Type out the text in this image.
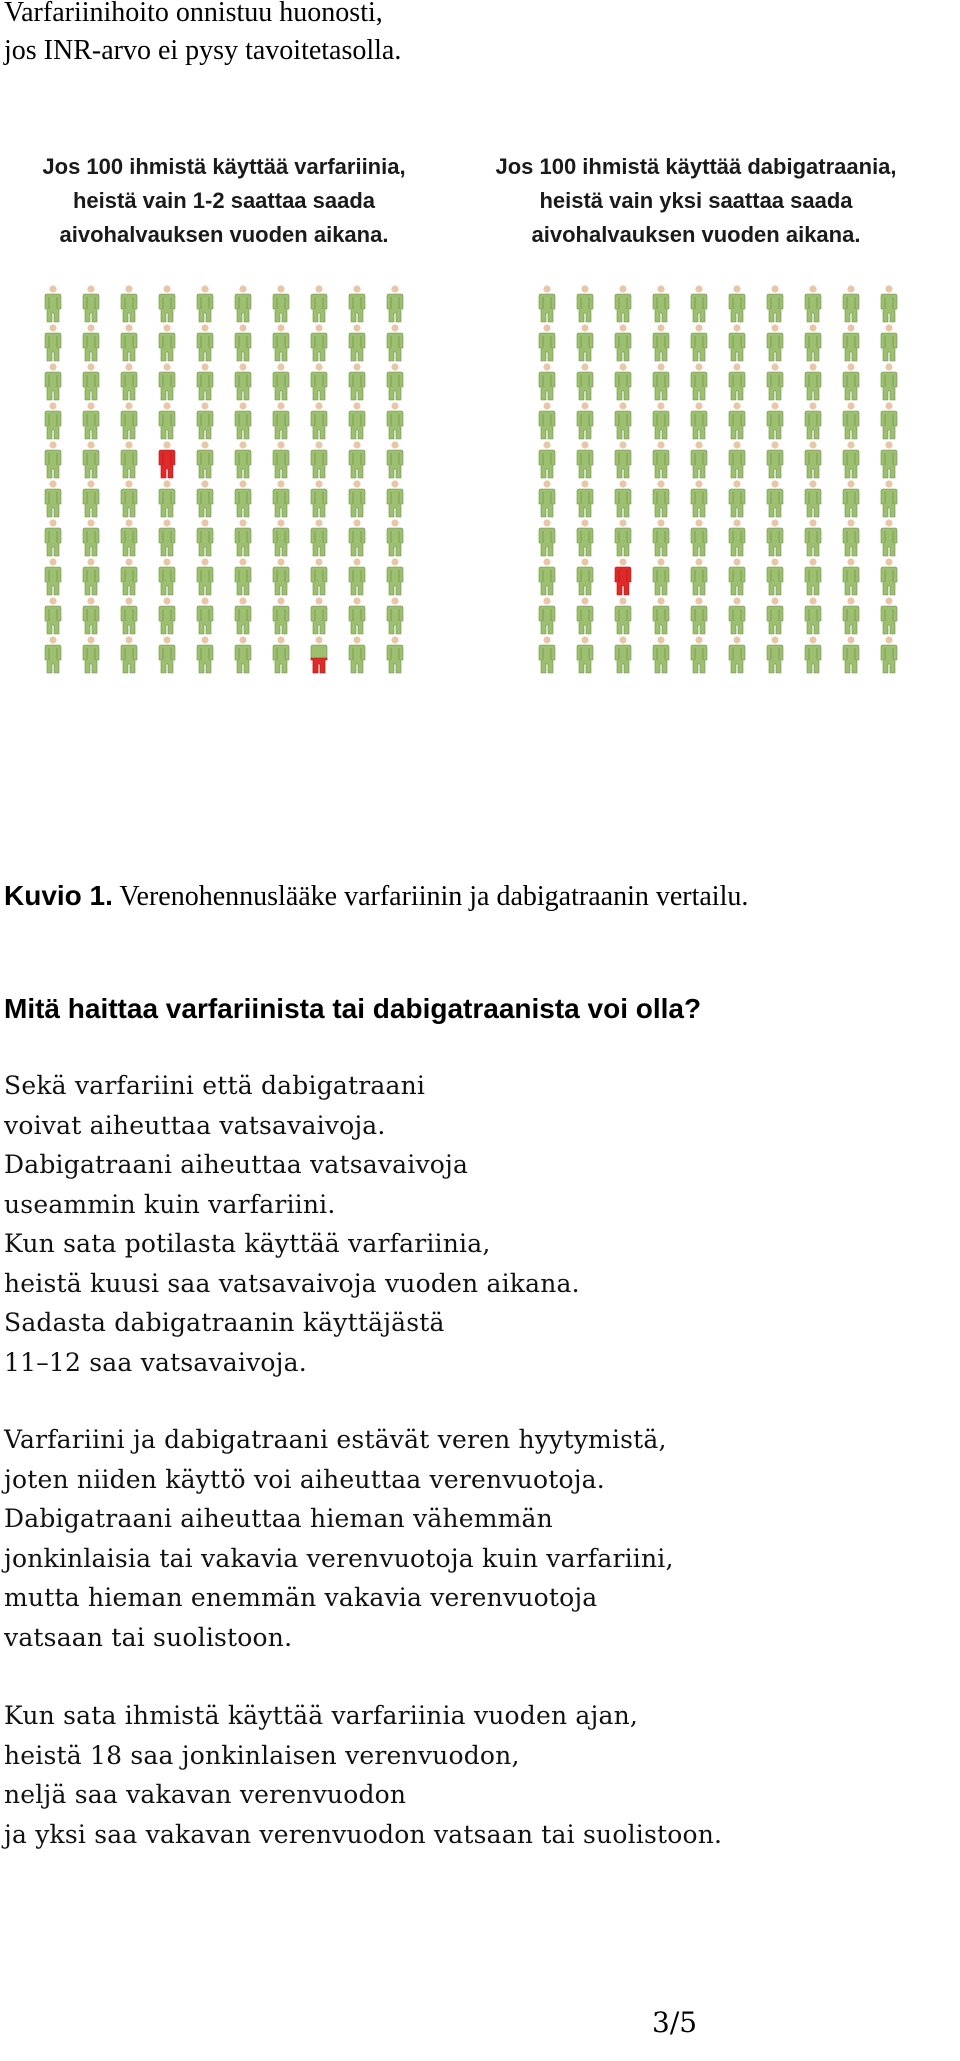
Varfariinihoito onnistuu huonosti,
jos INR-arvo ei pysy tavoitetasolla.
Jos 100 ihmistä käyttää varfariinia,
heistä vain 1-2 saattaa saada
aivohalvauksen vuoden aikana.
Jos 100 ihmistä käyttää dabigatraania,
heistä vain yksi saattaa saada
aivohalvauksen vuoden aikana.
Kuvio 1. Verenohennuslääke varfariinin ja dabigatraanin vertailu.
Mitä haittaa varfariinista tai dabigatraanista voi olla?
Sekä varfariini että dabigatraani
voivat aiheuttaa vatsavaivoja.
Dabigatraani aiheuttaa vatsavaivoja
useammin kuin varfariini.
Kun sata potilasta käyttää varfariinia,
heistä kuusi saa vatsavaivoja vuoden aikana.
Sadasta dabigatraanin käyttäjästä
11–12 saa vatsavaivoja.
Varfariini ja dabigatraani estävät veren hyytymistä,
joten niiden käyttö voi aiheuttaa verenvuotoja.
Dabigatraani aiheuttaa hieman vähemmän
jonkinlaisia tai vakavia verenvuotoja kuin varfariini,
mutta hieman enemmän vakavia verenvuotoja
vatsaan tai suolistoon.
Kun sata ihmistä käyttää varfariinia vuoden ajan,
heistä 18 saa jonkinlaisen verenvuodon,
neljä saa vakavan verenvuodon
ja yksi saa vakavan verenvuodon vatsaan tai suolistoon.
3/5
